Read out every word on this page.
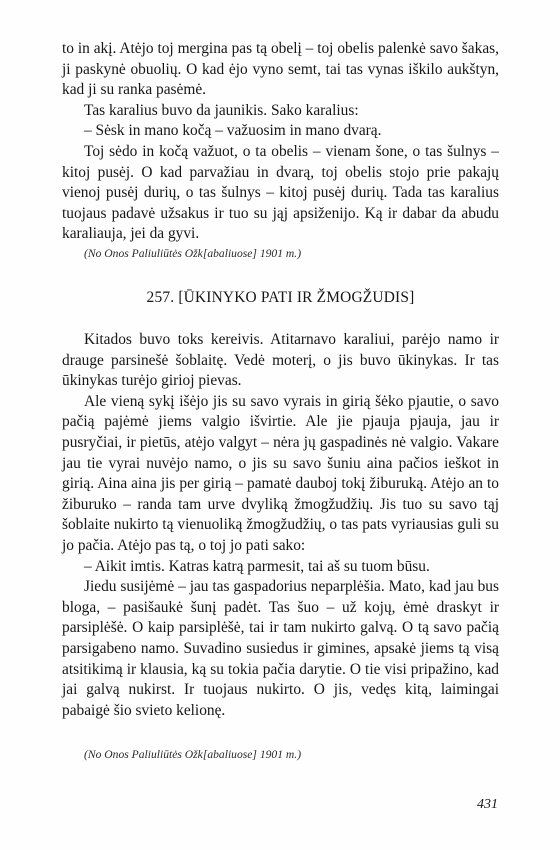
to in akį. Atėjo toj mergina pas tą obelį – toj obelis palenkė savo šakas, ji paskynė obuolių. O kad ėjo vyno semt, tai tas vynas iškilo aukštyn, kad ji su ranka pasėmė.

Tas karalius buvo da jaunikis. Sako karalius:

– Sėsk in mano kočą – važuosim in mano dvarą.

Toj sėdo in kočą važuot, o ta obelis – vienam šone, o tas šulnys – kitoj pusėj. O kad parvažiau in dvarą, toj obelis stojo prie pakajų vienoj pusėj durių, o tas šulnys – kitoj pusėj durių. Tada tas karalius tuojaus padavė užsakus ir tuo su jąj apsiženijo. Ką ir dabar da abudu karaliauja, jei da gyvi.

(No Onos Paliuliūtės Ožk[abaliuose] 1901 m.)
257. [ŪKINYKO PATI IR ŽMOGŽUDIS]

Kitados buvo toks kereivis. Atitarnavo karaliui, parėjo namo ir drauge parsinešė šoblaitę. Vedė moterį, o jis buvo ūkinykas. Ir tas ūkinykas turėjo girioj pievas.

Ale vieną sykį išėjo jis su savo vyrais in girią šėko pjautie, o savo pačią pajėmė jiems valgio išvirtie. Ale jie pjauja pjauja, jau ir pusryčiai, ir pietūs, atėjo valgyt – nėra jų gaspadinės nė valgio. Vakare jau tie vyrai nuvėjo namo, o jis su savo šuniu aina pačios ieškot in girią. Aina aina jis per girią – pamatė dauboj tokį žiburuką. Atėjo an to žiburuko – randa tam urve dvyliką žmogžudžių. Jis tuo su savo tąj šoblaite nukirto tą vienuoliką žmogžudžių, o tas pats vyriausias guli su jo pačia. Atėjo pas tą, o toj jo pati sako:

– Aikit imtis. Katras katrą parmesit, tai aš su tuom būsu.

Jiedu susijėmė – jau tas gaspadorius neparplėšia. Mato, kad jau bus bloga, – pasišaukė šunį padėt. Tas šuo – už kojų, ėmė draskyt ir parsiplėšė. O kaip parsiplėšė, tai ir tam nukirto galvą. O tą savo pačią parsigabeno namo. Suvadino susiedus ir gimines, apsakė jiems tą visą atsitikimą ir klausia, ką su tokia pačia darytie. O tie visi pripažino, kad jai galvą nukirst. Ir tuojaus nukirto. O jis, vedęs kitą, laimingai pabaigė šio svieto kelionę.

(No Onos Paliuliūtės Ožk[abaliuose] 1901 m.)
431
